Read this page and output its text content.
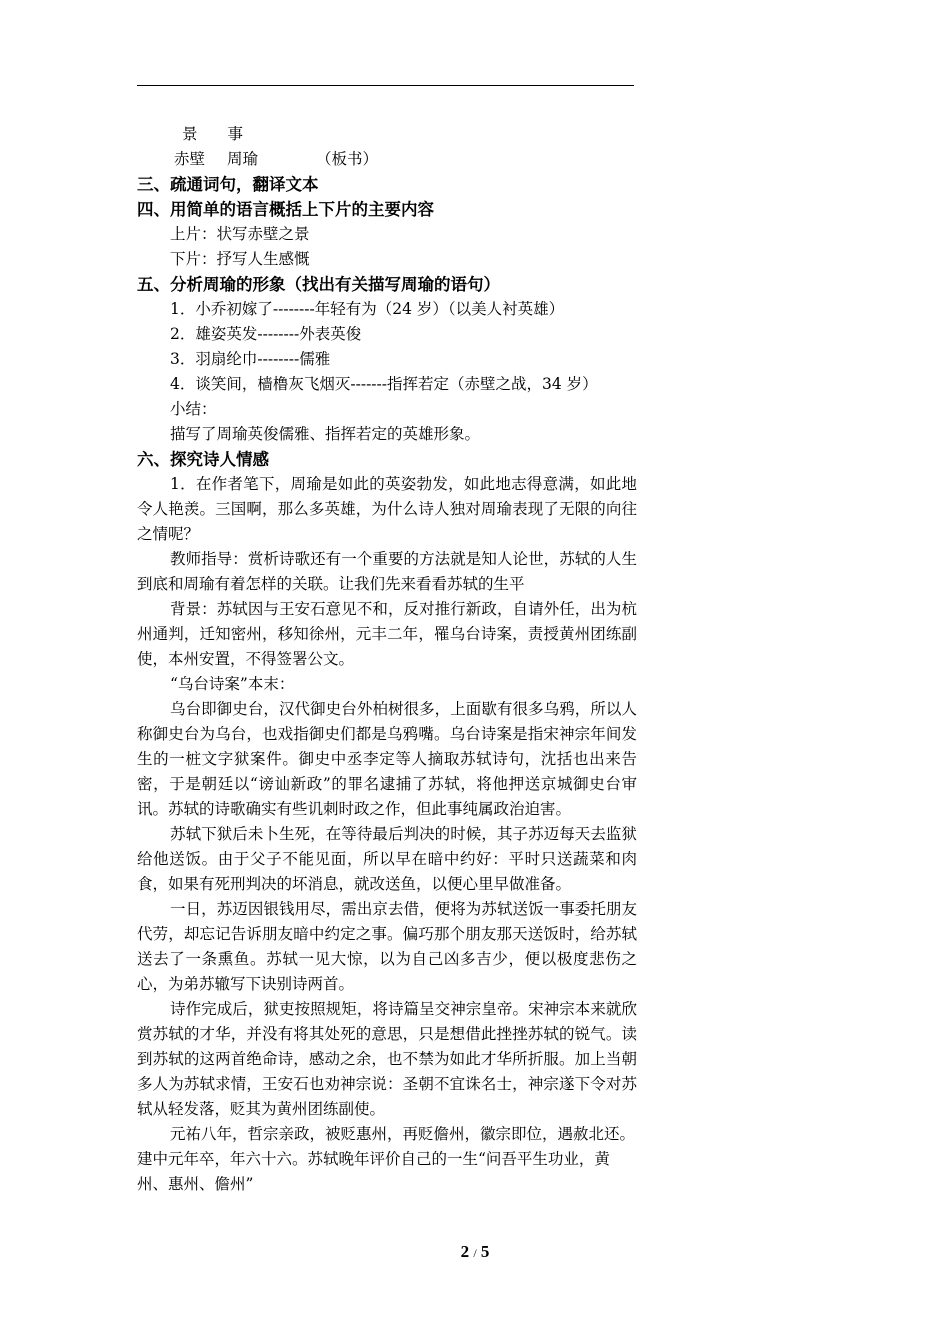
景 事
赤壁 周瑜	（板书）
三、疏通词句，翻译文本
四、用简单的语言概括上下片的主要内容
上片：状写赤壁之景
下片：抒写人生感慨
五、分析周瑜的形象（找出有关描写周瑜的语句）
1．小乔初嫁了--------年轻有为（24 岁）（以美人衬英雄）
2．雄姿英发--------外表英俊
3．羽扇纶巾--------儒雅
4．谈笑间，樯橹灰飞烟灭-------指挥若定（赤壁之战，34 岁）
小结：
描写了周瑜英俊儒雅、指挥若定的英雄形象。
六、探究诗人情感
1．在作者笔下，周瑜是如此的英姿勃发，如此地志得意满，如此地令人艳羡。三国啊，那么多英雄，为什么诗人独对周瑜表现了无限的向往之情呢？
教师指导：赏析诗歌还有一个重要的方法就是知人论世，苏轼的人生到底和周瑜有着怎样的关联。让我们先来看看苏轼的生平
背景：苏轼因与王安石意见不和，反对推行新政，自请外任，出为杭州通判，迁知密州，移知徐州，元丰二年，罹乌台诗案，责授黄州团练副使，本州安置，不得签署公文。
“乌台诗案”本末：
乌台即御史台，汉代御史台外柏树很多，上面歇有很多乌鸦，所以人称御史台为乌台，也戏指御史们都是乌鸦嘴。乌台诗案是指宋神宗年间发生的一桩文字狱案件。御史中丞李定等人摘取苏轼诗句，沈括也出来告密，于是朝廷以“谤讪新政”的罪名逮捕了苏轼，将他押送京城御史台审讯。苏轼的诗歌确实有些讥刺时政之作，但此事纯属政治迫害。
苏轼下狱后未卜生死，在等待最后判决的时候，其子苏迈每天去监狱给他送饭。由于父子不能见面，所以早在暗中约好：平时只送蔬菜和肉食，如果有死刑判决的坏消息，就改送鱼，以便心里早做准备。
一日，苏迈因银钱用尽，需出京去借，便将为苏轼送饭一事委托朋友代劳，却忘记告诉朋友暗中约定之事。偏巧那个朋友那天送饭时，给苏轼送去了一条熏鱼。苏轼一见大惊，以为自己凶多吉少，便以极度悲伤之心，为弟苏辙写下诀别诗两首。
诗作完成后，狱吏按照规矩，将诗篇呈交神宗皇帝。宋神宗本来就欣赏苏轼的才华，并没有将其处死的意思，只是想借此挫挫苏轼的锐气。读到苏轼的这两首绝命诗，感动之余，也不禁为如此才华所折服。加上当朝多人为苏轼求情，王安石也劝神宗说：圣朝不宜诛名士，神宗遂下令对苏轼从轻发落，贬其为黄州团练副使。
元祐八年，哲宗亲政，被贬惠州，再贬儋州，徽宗即位，遇赦北还。建中元年卒，年六十六。苏轼晚年评价自己的一生“问吾平生功业，黄州、惠州、儋州”
2 / 5
